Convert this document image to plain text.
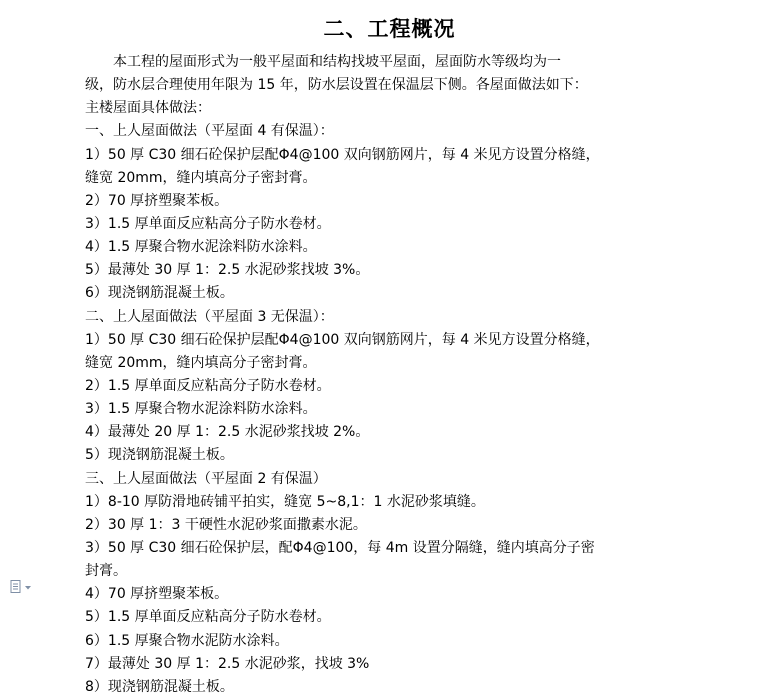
二、工程概况
本工程的屋面形式为一般平屋面和结构找坡平屋面，屋面防水等级均为一
级，防水层合理使用年限为 15 年，防水层设置在保温层下侧。各屋面做法如下：
主楼屋面具体做法：
一、上人屋面做法（平屋面 4 有保温）：
1）50 厚 C30 细石砼保护层配Φ4@100 双向钢筋网片，每 4 米见方设置分格缝，
缝宽 20mm，缝内填高分子密封膏。
2）70 厚挤塑聚苯板。
3）1.5 厚单面反应粘高分子防水卷材。
4）1.5 厚聚合物水泥涂料防水涂料。
5）最薄处 30 厚 1：2.5 水泥砂浆找坡 3%。
6）现浇钢筋混凝土板。
二、上人屋面做法（平屋面 3 无保温）：
1）50 厚 C30 细石砼保护层配Φ4@100 双向钢筋网片，每 4 米见方设置分格缝，
缝宽 20mm，缝内填高分子密封膏。
2）1.5 厚单面反应粘高分子防水卷材。
3）1.5 厚聚合物水泥涂料防水涂料。
4）最薄处 20 厚 1：2.5 水泥砂浆找坡 2%。
5）现浇钢筋混凝土板。
三、上人屋面做法（平屋面 2 有保温）
1）8-10 厚防滑地砖铺平拍实，缝宽 5~8,1：1 水泥砂浆填缝。
2）30 厚 1：3 干硬性水泥砂浆面撒素水泥。
3）50 厚 C30 细石砼保护层，配Φ4@100，每 4m 设置分隔缝，缝内填高分子密
封膏。
4）70 厚挤塑聚苯板。
5）1.5 厚单面反应粘高分子防水卷材。
6）1.5 厚聚合物水泥防水涂料。
7）最薄处 30 厚 1：2.5 水泥砂浆，找坡 3%
8）现浇钢筋混凝土板。
